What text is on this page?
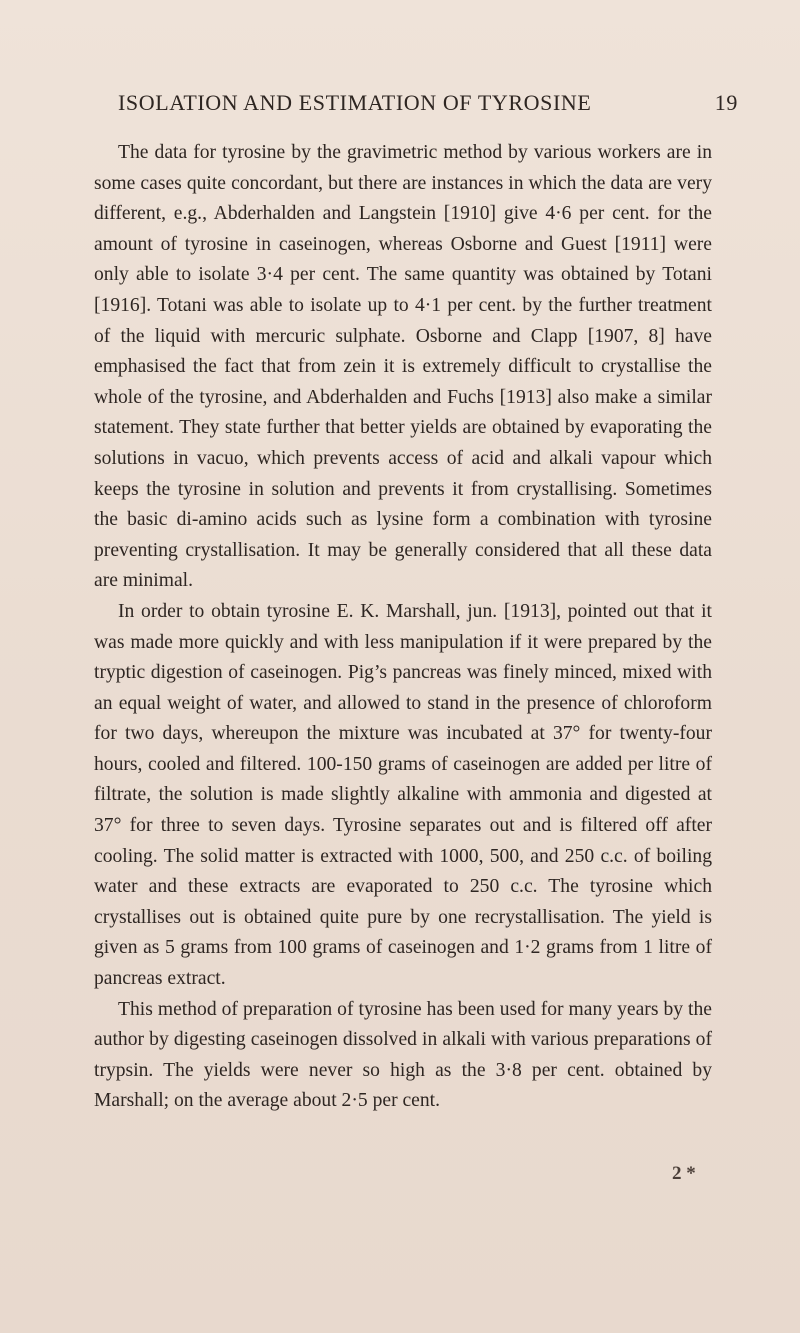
ISOLATION AND ESTIMATION OF TYROSINE	19

The data for tyrosine by the gravimetric method by various workers are in some cases quite concordant, but there are instances in which the data are very different, e.g., Abderhalden and Langstein [1910] give 4·6 per cent. for the amount of tyrosine in caseinogen, whereas Osborne and Guest [1911] were only able to isolate 3·4 per cent. The same quantity was obtained by Totani [1916]. Totani was able to isolate up to 4·1 per cent. by the further treatment of the liquid with mercuric sulphate. Osborne and Clapp [1907, 8] have emphasised the fact that from zein it is extremely difficult to crystallise the whole of the tyrosine, and Abderhalden and Fuchs [1913] also make a similar statement. They state further that better yields are obtained by evaporating the solutions in vacuo, which prevents access of acid and alkali vapour which keeps the tyrosine in solution and prevents it from crystallising. Sometimes the basic di-amino acids such as lysine form a combination with tyrosine preventing crystallisation. It may be generally considered that all these data are minimal.

In order to obtain tyrosine E. K. Marshall, jun. [1913], pointed out that it was made more quickly and with less manipulation if it were prepared by the tryptic digestion of caseinogen. Pig’s pancreas was finely minced, mixed with an equal weight of water, and allowed to stand in the presence of chloroform for two days, whereupon the mixture was incubated at 37° for twenty-four hours, cooled and filtered. 100-150 grams of caseinogen are added per litre of filtrate, the solution is made slightly alkaline with ammonia and digested at 37° for three to seven days. Tyrosine separates out and is filtered off after cooling. The solid matter is extracted with 1000, 500, and 250 c.c. of boiling water and these extracts are evaporated to 250 c.c. The tyrosine which crystallises out is obtained quite pure by one recrystallisation. The yield is given as 5 grams from 100 grams of caseinogen and 1·2 grams from 1 litre of pancreas extract.

This method of preparation of tyrosine has been used for many years by the author by digesting caseinogen dissolved in alkali with various preparations of trypsin. The yields were never so high as the 3·8 per cent. obtained by Marshall; on the average about 2·5 per cent.

2 *
